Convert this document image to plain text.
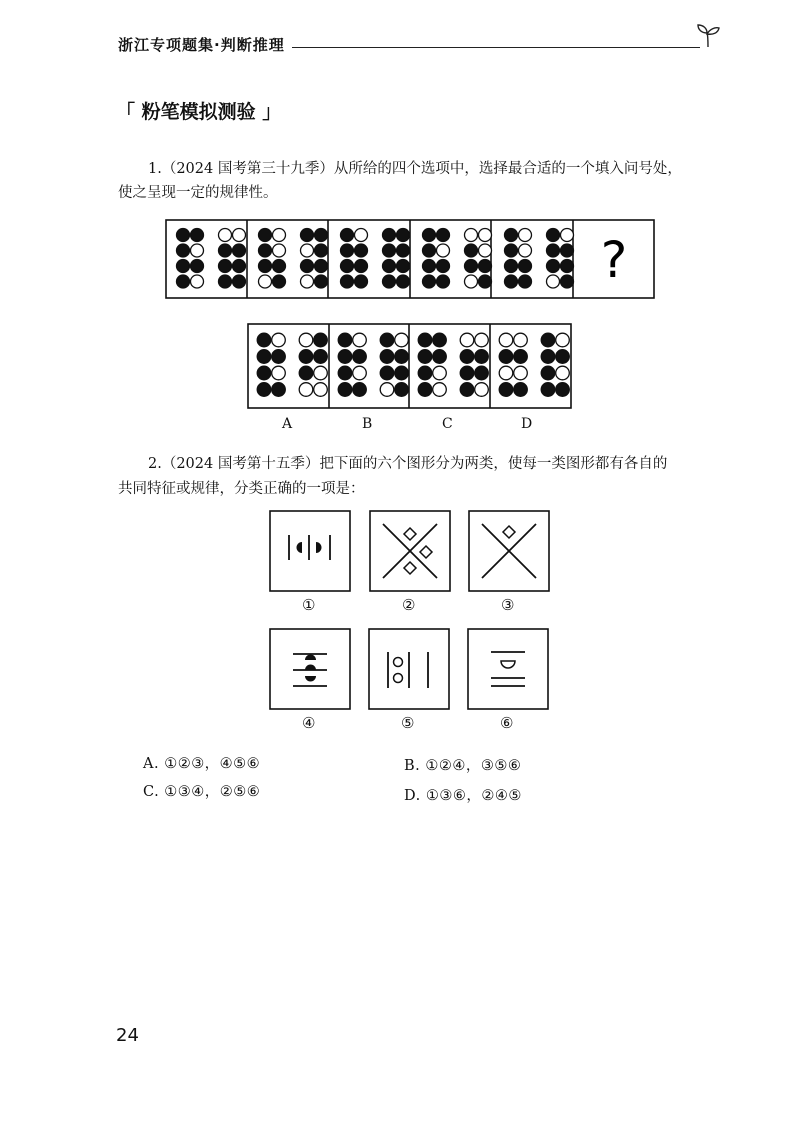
浙江专项题集·判断推理
「 粉笔模拟测验 」
1.（2024 国考第三十九季）从所给的四个选项中，选择最合适的一个填入问号处，
使之呈现一定的规律性。
?
A	B	C	D
2.（2024 国考第十五季）把下面的六个图形分为两类，使每一类图形都有各自的
共同特征或规律，分类正确的一项是：
①	②	③
④	⑤	⑥
A. ①②③，④⑤⑥	B. ①②④，③⑤⑥
C. ①③④，②⑤⑥	D. ①③⑥，②④⑤
24
